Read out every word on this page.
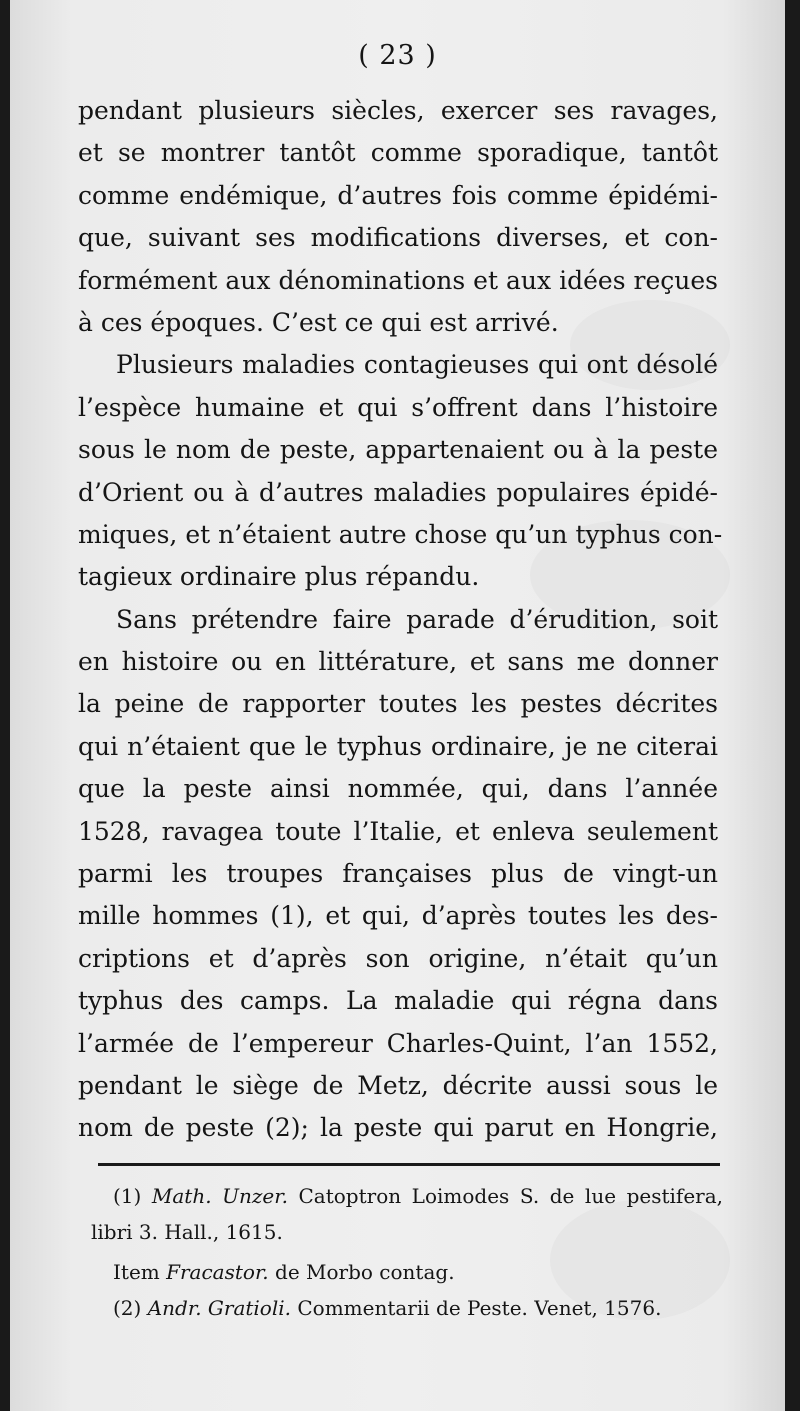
( 23 )
pendant plusieurs siècles, exercer ses ravages,
et se montrer tantôt comme sporadique, tantôt
comme endémique, d’autres fois comme épidémi-
que, suivant ses modifications diverses, et con-
formément aux dénominations et aux idées reçues
à ces époques. C’est ce qui est arrivé.
Plusieurs maladies contagieuses qui ont désolé
l’espèce humaine et qui s’offrent dans l’histoire
sous le nom de peste, appartenaient ou à la peste
d’Orient ou à d’autres maladies populaires épidé-
miques, et n’étaient autre chose qu’un typhus con-
tagieux ordinaire plus répandu.
Sans prétendre faire parade d’érudition, soit
en histoire ou en littérature, et sans me donner
la peine de rapporter toutes les pestes décrites
qui n’étaient que le typhus ordinaire, je ne citerai
que la peste ainsi nommée, qui, dans l’année
1528, ravagea toute l’Italie, et enleva seulement
parmi les troupes françaises plus de vingt-un
mille hommes (1), et qui, d’après toutes les des-
criptions et d’après son origine, n’était qu’un
typhus des camps. La maladie qui régna dans
l’armée de l’empereur Charles-Quint, l’an 1552,
pendant le siège de Metz, décrite aussi sous le
nom de peste (2); la peste qui parut en Hongrie,
(1) Math. Unzer. Catoptron Loimodes S. de lue pestifera,
libri 3. Hall., 1615.
Item Fracastor. de Morbo contag.
(2) Andr. Gratioli. Commentarii de Peste. Venet, 1576.
